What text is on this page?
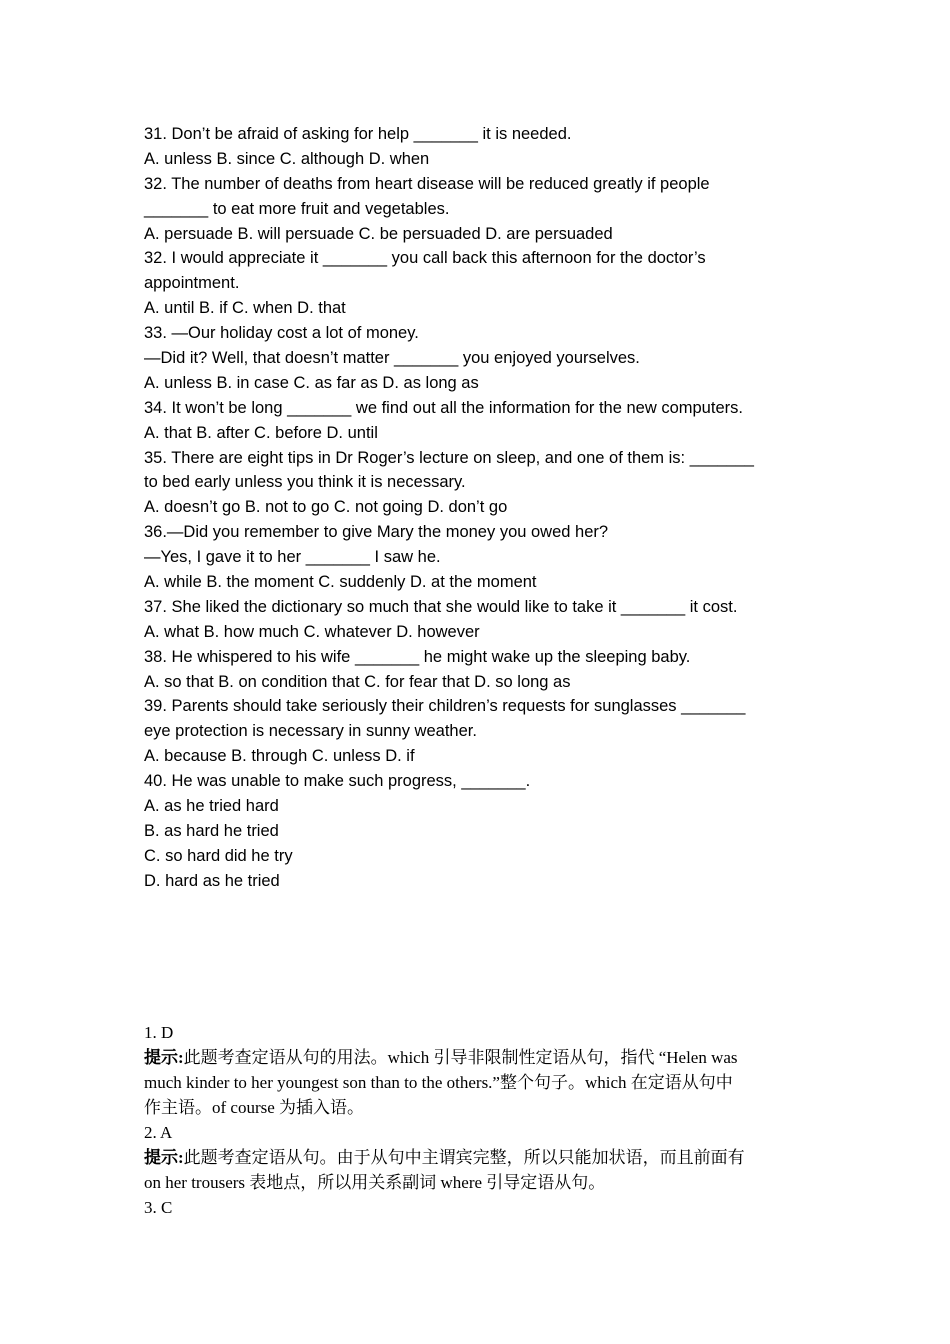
31. Don’t be afraid of asking for help _______ it is needed.
A. unless B. since C. although D. when
32. The number of deaths from heart disease will be reduced greatly if people
_______ to eat more fruit and vegetables.
A. persuade B. will persuade C. be persuaded D. are persuaded
32. I would appreciate it _______ you call back this afternoon for the doctor’s
appointment.
A. until B. if C. when D. that
33. —Our holiday cost a lot of money.
—Did it? Well, that doesn’t matter _______ you enjoyed yourselves.
A. unless B. in case C. as far as D. as long as
34. It won’t be long _______ we find out all the information for the new computers.
A. that B. after C. before D. until
35. There are eight tips in Dr Roger’s lecture on sleep, and one of them is: _______
to bed early unless you think it is necessary.
A. doesn’t go B. not to go C. not going D. don’t go
36.—Did you remember to give Mary the money you owed her?
—Yes, I gave it to her _______ I saw he.
A. while B. the moment C. suddenly D. at the moment
37. She liked the dictionary so much that she would like to take it _______ it cost.
A. what B. how much C. whatever D. however
38. He whispered to his wife _______ he might wake up the sleeping baby.
A. so that B. on condition that C. for fear that D. so long as
39. Parents should take seriously their children’s requests for sunglasses _______
eye protection is necessary in sunny weather.
A. because B. through C. unless D. if
40. He was unable to make such progress, _______.
A. as he tried hard
B. as hard he tried
C. so hard did he try
D. hard as he tried
1. D
提示:此题考查定语从句的用法。which 引导非限制性定语从句，指代 “Helen was
much kinder to her youngest son than to the others.”整个句子。which 在定语从句中
作主语。of course 为插入语。
2. A
提示:此题考查定语从句。由于从句中主谓宾完整，所以只能加状语，而且前面有
on her trousers 表地点，所以用关系副词 where 引导定语从句。
3. C
